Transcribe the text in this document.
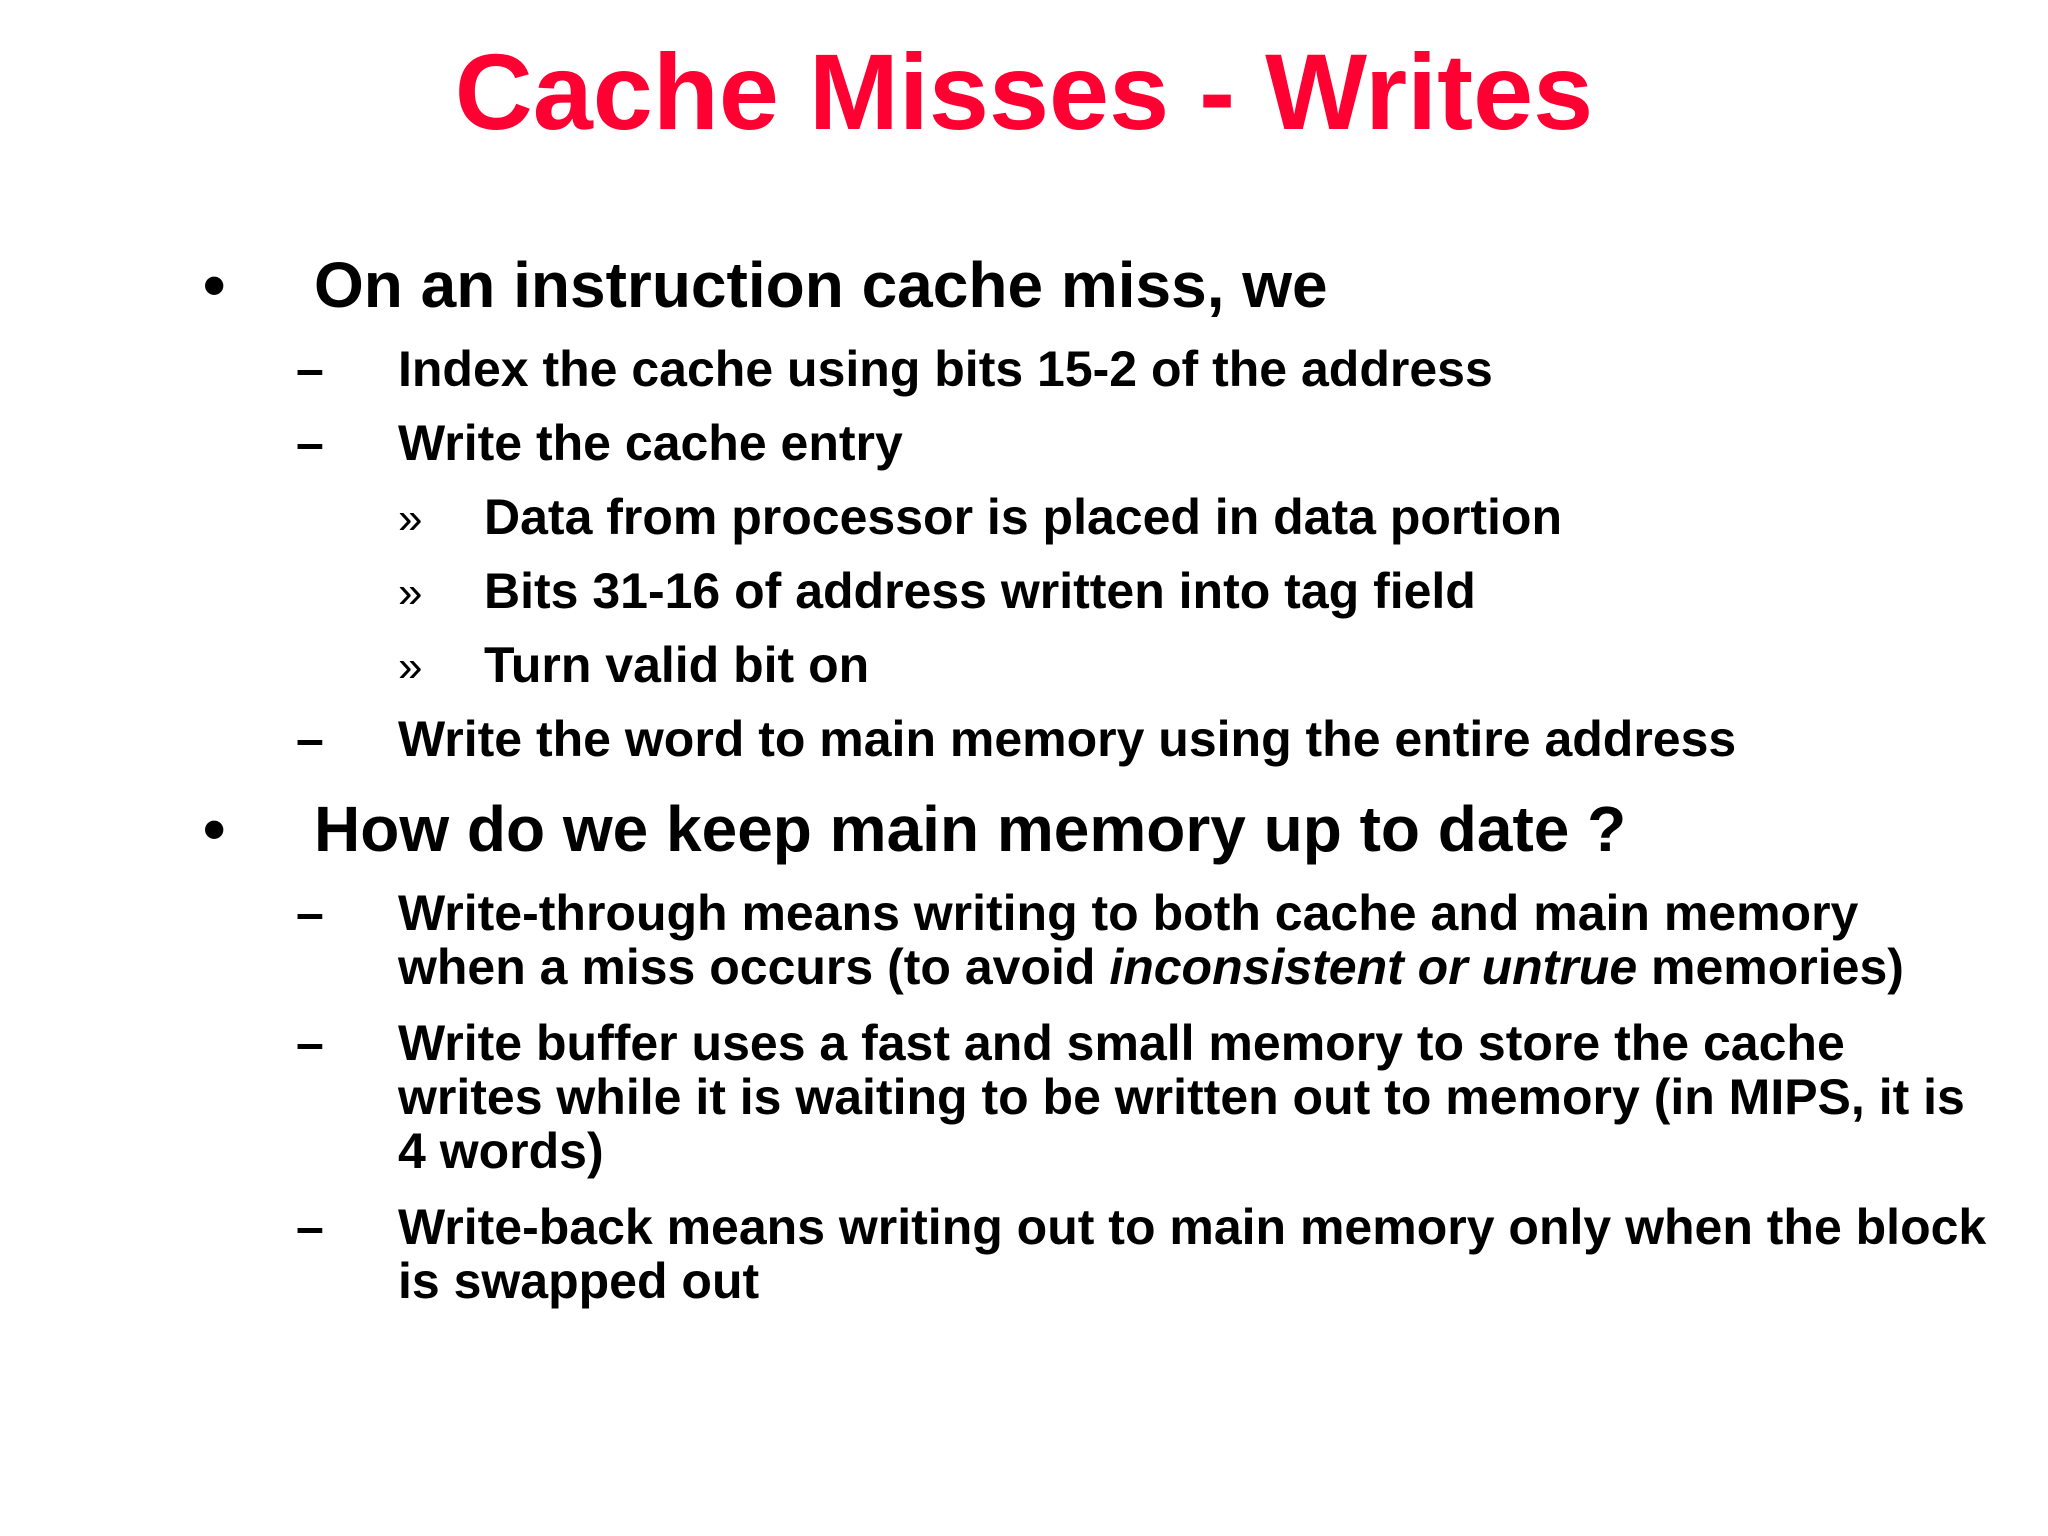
Cache Misses - Writes
• On an instruction cache miss, we
– Index the cache using bits 15-2 of the address
– Write the cache entry
» Data from processor is placed in data portion
» Bits 31-16 of address written into tag field
» Turn valid bit on
– Write the word to main memory using the entire address
• How do we keep main memory up to date ?
– Write-through means writing to both cache and main memory
when a miss occurs (to avoid inconsistent or untrue memories)
– Write buffer uses a fast and small memory to store the cache
writes while it is waiting to be written out to memory (in MIPS, it is
4 words)
– Write-back means writing out to main memory only when the block
is swapped out
